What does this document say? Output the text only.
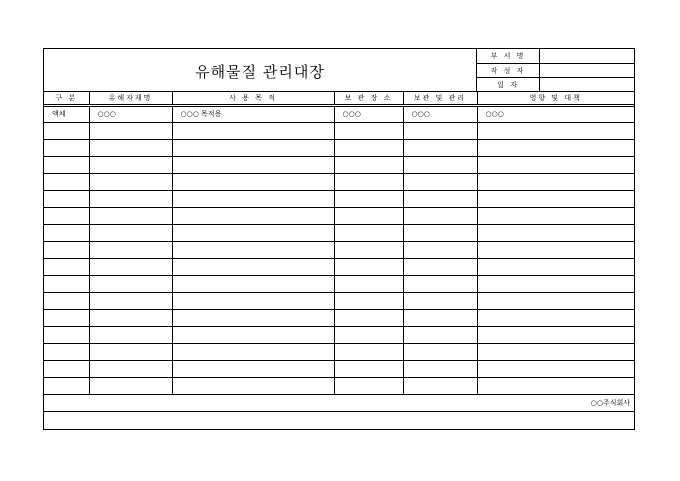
유해물질 관리대장
부 서 명
작 성 자
일 자
구 분	유해자재명	사 용 목 적	보 관 장 소	보관 및 관리	영향 및 대책
액체	○○○	○○○ 목적용	○○○	○○○	○○○

○○주식회사					
